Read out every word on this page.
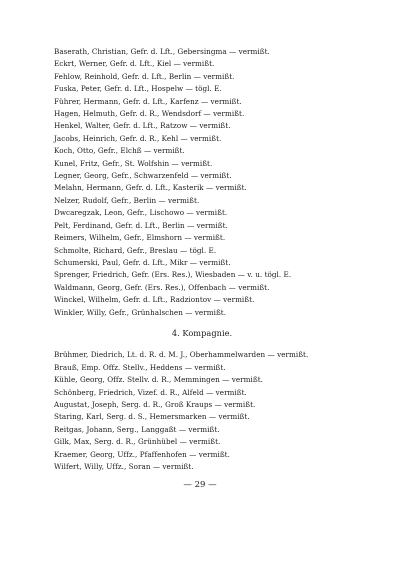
Baserath, Christian, Gefr. d. Lft., Gebersingma — vermißt.

Eckrt, Werner, Gefr. d. Lft., Kiel — vermißt.

Fehlow, Reinhold, Gefr. d. Lft., Berlin — vermißt.

Fuska, Peter, Gefr. d. Lft., Hospelw — tögl. E.

Führer, Hermann, Gefr. d. Lft., Karfenz — vermißt.

Hagen, Helmuth, Gefr. d. R., Wendsdorf — vermißt.

Henkel, Walter, Gefr. d. Lft., Ratzow — vermißt.

Jacobs, Heinrich, Gefr. d. R., Kehl — vermißt.

Koch, Otto, Gefr., Elchß — vermißt.

Kunel, Fritz, Gefr., St. Wolfshin — vermißt.

Legner, Georg, Gefr., Schwarzenfeld — vermißt.

Melahn, Hermann, Gefr. d. Lft., Kasterik — vermißt.

Nelzer, Rudolf, Gefr., Berlin — vermißt.

Dwcaregzak, Leon, Gefr., Lischowo — vermißt.

Pelt, Ferdinand, Gefr. d. Lft., Berlin — vermißt.

Reimers, Wilhelm, Gefr., Elmshorn — vermißt.

Schmolte, Richard, Gefr., Breslau — tögl. E.

Schumerski, Paul, Gefr. d. Lft., Mikr — vermißt.

Sprenger, Friedrich, Gefr. (Ers. Res.), Wiesbaden — v. u. tögl. E.

Waldmann, Georg, Gefr. (Ers. Res.), Offenbach — vermißt.

Winckel, Wilhelm, Gefr. d. Lft., Radziontov — vermißt.

Winkler, Willy, Gefr., Grünhalschen — vermißt.

4. Kompagnie.

Brühmer, Diedrich, Lt. d. R. d. M. J., Oberhammelwarden — vermißt.

Brauß, Emp. Offz. Stellv., Heddens — vermißt.

Kühle, Georg, Offz. Stellv. d. R., Memmingen — vermißt.

Schönberg, Friedrich, Vizef. d. R., Alfeld — vermißt.

Augustat, Joseph, Serg. d. R., Groß Kraups — vermißt.

Staring, Karl, Serg. d. S., Hemersmarken — vermißt.

Reitgas, Johann, Serg., Langgaßt — vermißt.

Gilk, Max, Serg. d. R., Grünhübel — vermißt.

Kraemer, Georg, Uffz., Pfaffenhofen — vermißt.

Wilfert, Willy, Uffz., Soran — vermißt.

— 29 —
